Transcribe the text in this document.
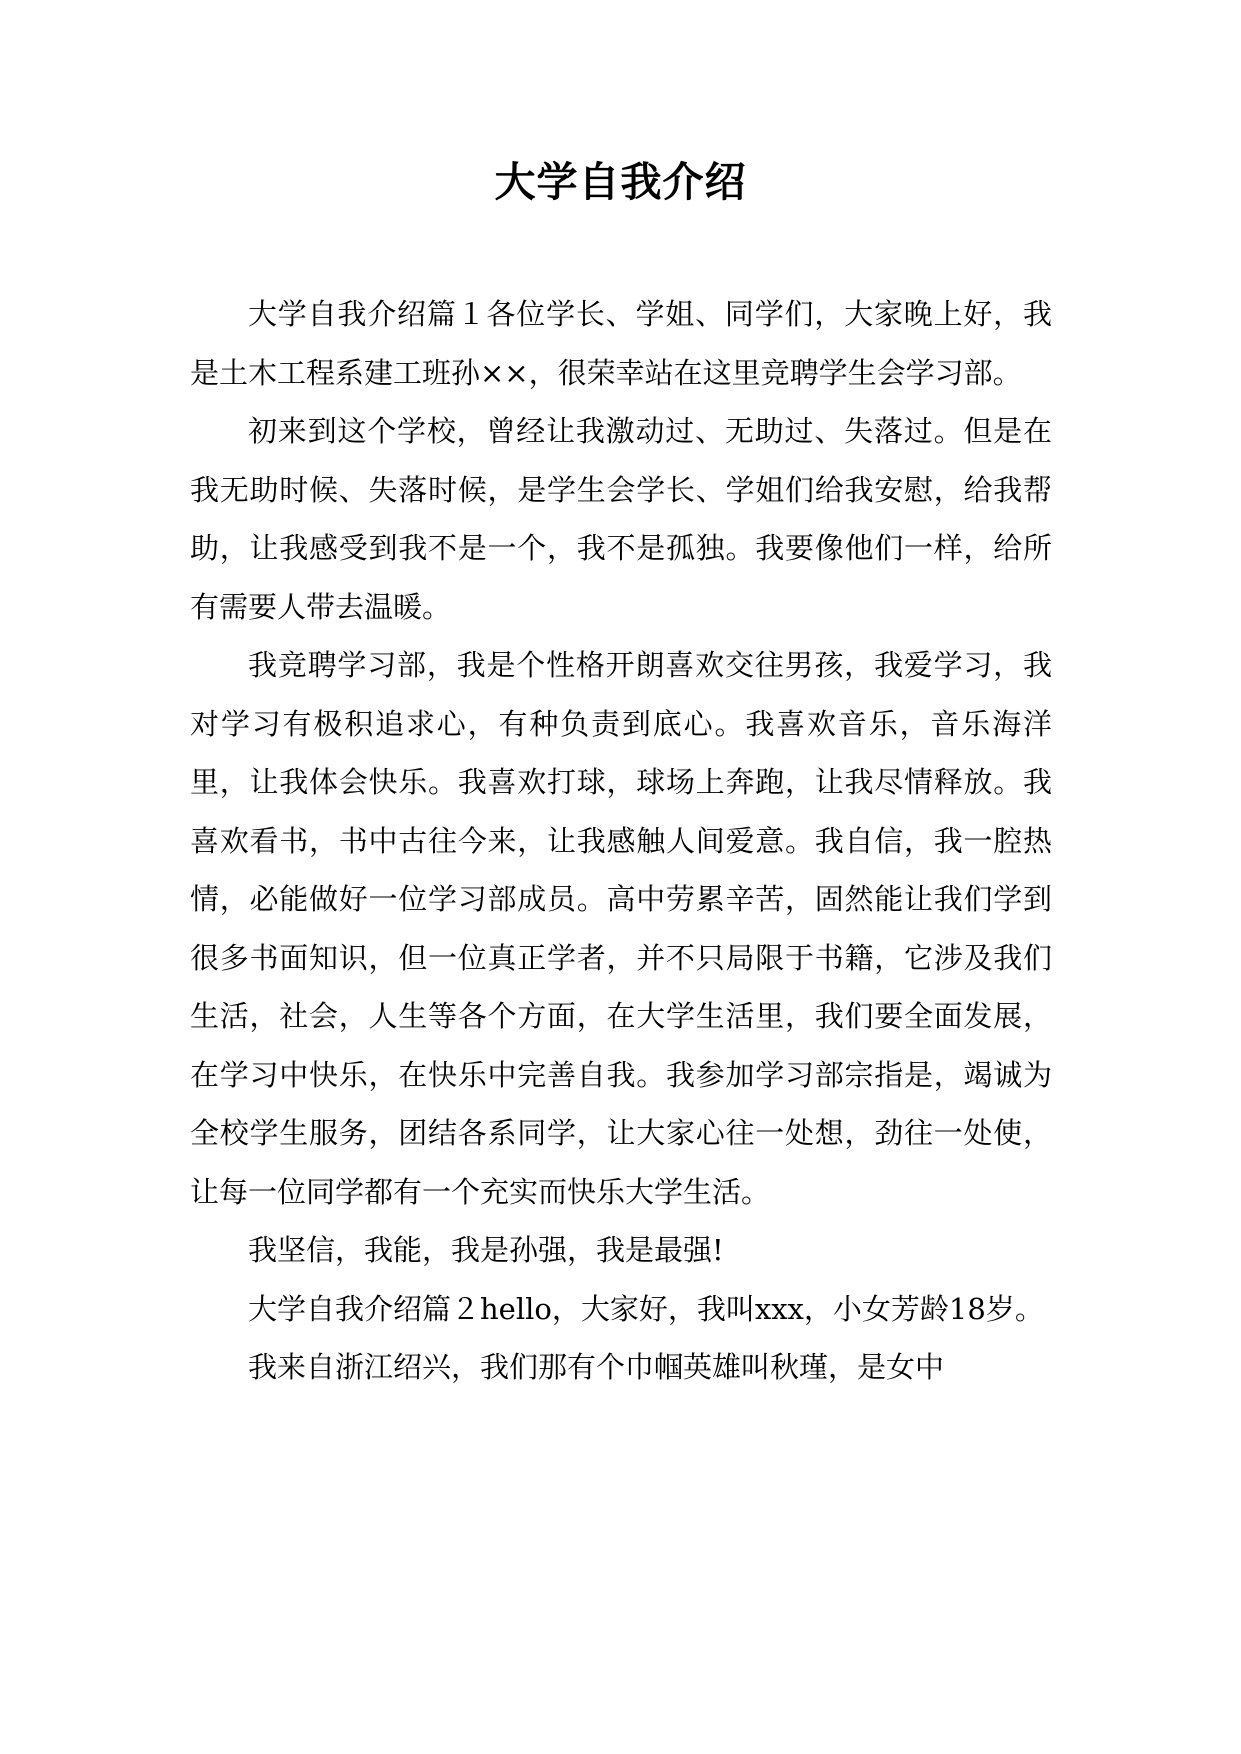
大学自我介绍

大学自我介绍篇１各位学长、学姐、同学们，大家晚上好，我是土木工程系建工班孙××，很荣幸站在这里竞聘学生会学习部。

初来到这个学校，曾经让我激动过、无助过、失落过。但是在我无助时候、失落时候，是学生会学长、学姐们给我安慰，给我帮助，让我感受到我不是一个，我不是孤独。我要像他们一样，给所有需要人带去温暖。

我竞聘学习部，我是个性格开朗喜欢交往男孩，我爱学习，我对学习有极积追求心，有种负责到底心。我喜欢音乐，音乐海洋里，让我体会快乐。我喜欢打球，球场上奔跑，让我尽情释放。我喜欢看书，书中古往今来，让我感触人间爱意。我自信，我一腔热情，必能做好一位学习部成员。高中劳累辛苦，固然能让我们学到很多书面知识，但一位真正学者，并不只局限于书籍，它涉及我们生活，社会，人生等各个方面，在大学生活里，我们要全面发展，在学习中快乐，在快乐中完善自我。我参加学习部宗指是，竭诚为全校学生服务，团结各系同学，让大家心往一处想，劲往一处使，让每一位同学都有一个充实而快乐大学生活。

我坚信，我能，我是孙强，我是最强!

大学自我介绍篇２hello，大家好，我叫xxx，小女芳龄18岁。

我来自浙江绍兴，我们那有个巾帼英雄叫秋瑾，是女中
